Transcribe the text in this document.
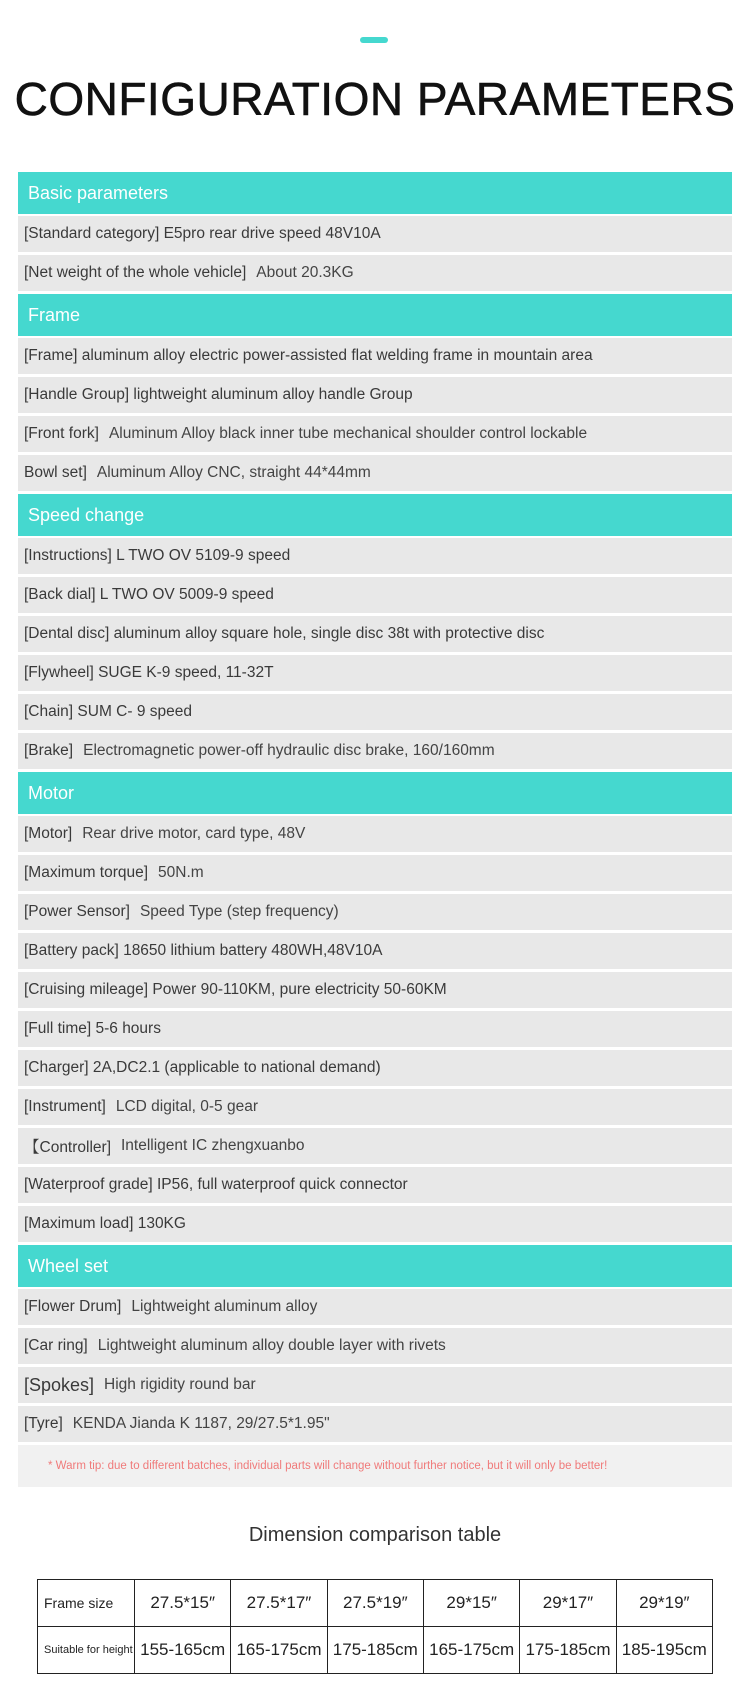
CONFIGURATION PARAMETERS
Basic parameters
[Standard category] E5pro rear drive speed 48V10A
[Net weight of the whole vehicle] About 20.3KG
Frame
[Frame] aluminum alloy electric power-assisted flat welding frame in mountain area
[Handle Group] lightweight aluminum alloy handle Group
[Front fork] Aluminum Alloy black inner tube mechanical shoulder control lockable
Bowl set] Aluminum Alloy CNC, straight 44*44mm
Speed change
[Instructions] L TWO OV 5109-9 speed
[Back dial] L TWO OV 5009-9 speed
[Dental disc] aluminum alloy square hole, single disc 38t with protective disc
[Flywheel] SUGE K-9 speed, 11-32T
[Chain] SUM C- 9 speed
[Brake] Electromagnetic power-off hydraulic disc brake, 160/160mm
Motor
[Motor] Rear drive motor, card type, 48V
[Maximum torque] 50N.m
[Power Sensor] Speed Type (step frequency)
[Battery pack] 18650 lithium battery 480WH,48V10A
[Cruising mileage] Power 90-110KM, pure electricity 50-60KM
[Full time] 5-6 hours
[Charger] 2A,DC2.1 (applicable to national demand)
[Instrument] LCD digital, 0-5 gear
【Controller] Intelligent IC zhengxuanbo
[Waterproof grade] IP56, full waterproof quick connector
[Maximum load] 130KG
Wheel set
[Flower Drum] Lightweight aluminum alloy
[Car ring] Lightweight aluminum alloy double layer with rivets
[Spokes] High rigidity round bar
[Tyre] KENDA Jianda K 1187, 29/27.5*1.95"
* Warm tip: due to different batches, individual parts will change without further notice, but it will only be better!
Dimension comparison table
Frame size	27.5*15″	27.5*17″	27.5*19″	29*15″	29*17″	29*19″
Suitable for height	155-165cm	165-175cm	175-185cm	165-175cm	175-185cm	185-195cm
